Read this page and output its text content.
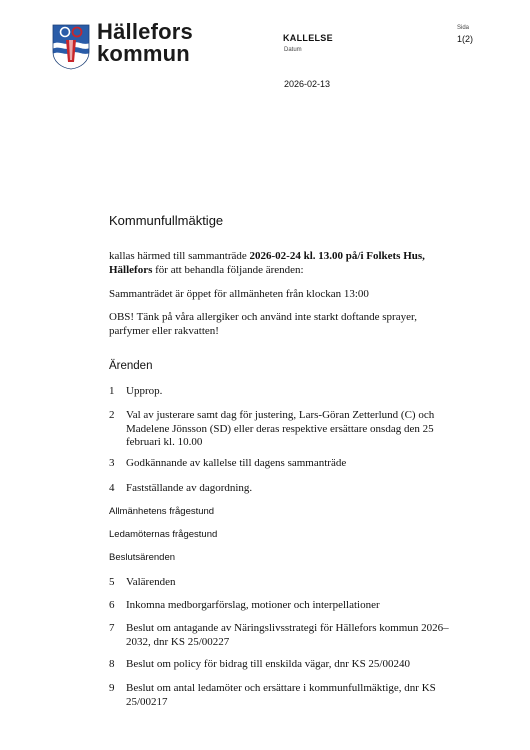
Hällefors
kommun
KALLELSE
Datum
2026-02-13
Sida
1(2)
Kommunfullmäktige
kallas härmed till sammanträde 2026-02-24 kl. 13.00 på/i Folkets Hus, Hällefors för att behandla följande ärenden:
Sammanträdet är öppet för allmänheten från klockan 13:00
OBS! Tänk på våra allergiker och använd inte starkt doftande sprayer, parfymer eller rakvatten!
Ärenden
1	Upprop.
2	Val av justerare samt dag för justering, Lars-Göran Zetterlund (C) och Madelene Jönsson (SD) eller deras respektive ersättare onsdag den 25 februari kl. 10.00
3	Godkännande av kallelse till dagens sammanträde
4	Fastställande av dagordning.
Allmänhetens frågestund
Ledamöternas frågestund
Beslutsärenden
5	Valärenden
6	Inkomna medborgarförslag, motioner och interpellationer
7	Beslut om antagande av Näringslivsstrategi för Hällefors kommun 2026–2032, dnr KS 25/00227
8	Beslut om policy för bidrag till enskilda vägar, dnr KS 25/00240
9	Beslut om antal ledamöter och ersättare i kommunfullmäktige, dnr KS 25/00217
